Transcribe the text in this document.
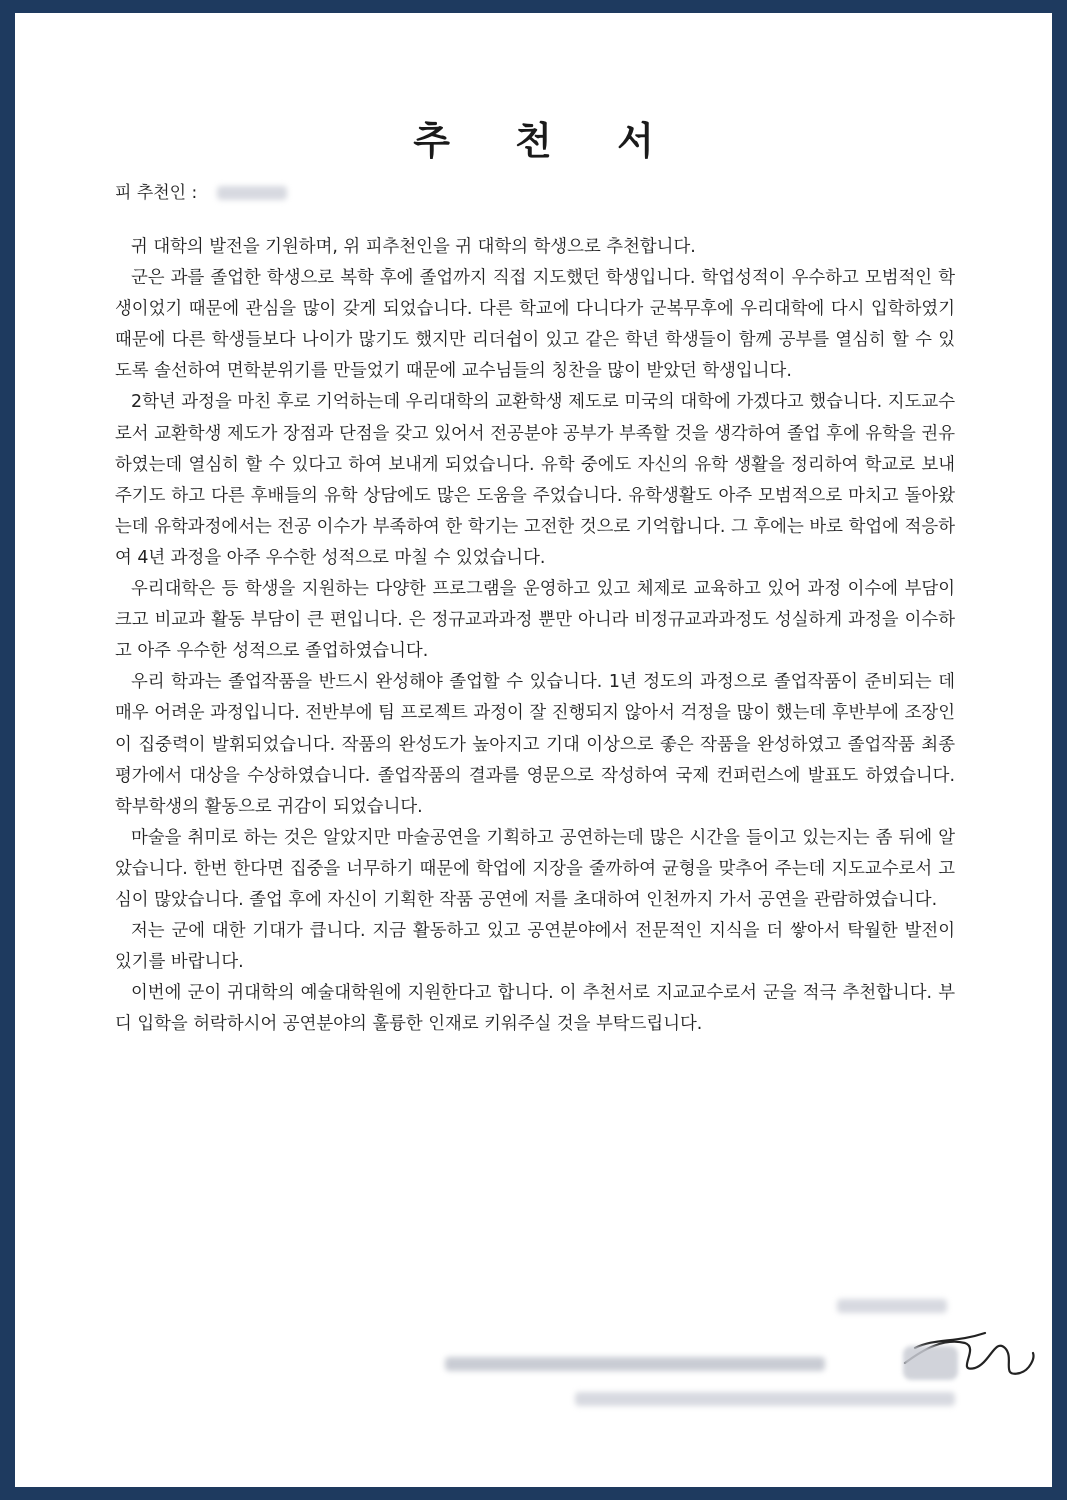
추 천 서
피 추천인 :

귀 대학의 발전을 기원하며, 위 피추천인을 귀 대학의 학생으로 추천합니다.

군은 과를 졸업한 학생으로 복학 후에 졸업까지 직접 지도했던 학생입니다. 학업성적이 우수하고 모범적인 학생이었기 때문에 관심을 많이 갖게 되었습니다. 다른 학교에 다니다가 군복무후에 우리대학에 다시 입학하였기 때문에 다른 학생들보다 나이가 많기도 했지만 리더쉽이 있고 같은 학년 학생들이 함께 공부를 열심히 할 수 있도록 솔선하여 면학분위기를 만들었기 때문에 교수님들의 칭찬을 많이 받았던 학생입니다.

2학년 과정을 마친 후로 기억하는데 우리대학의 교환학생 제도로 미국의 대학에 가겠다고 했습니다. 지도교수로서 교환학생 제도가 장점과 단점을 갖고 있어서 전공분야 공부가 부족할 것을 생각하여 졸업 후에 유학을 권유하였는데 열심히 할 수 있다고 하여 보내게 되었습니다. 유학 중에도 자신의 유학 생활을 정리하여 학교로 보내주기도 하고 다른 후배들의 유학 상담에도 많은 도움을 주었습니다. 유학생활도 아주 모범적으로 마치고 돌아왔는데 유학과정에서는 전공 이수가 부족하여 한 학기는 고전한 것으로 기억합니다. 그 후에는 바로 학업에 적응하여 4년 과정을 아주 우수한 성적으로 마칠 수 있었습니다.

우리대학은 등 학생을 지원하는 다양한 프로그램을 운영하고 있고 체제로 교육하고 있어 과정 이수에 부담이 크고 비교과 활동 부담이 큰 편입니다. 은 정규교과과정 뿐만 아니라 비정규교과과정도 성실하게 과정을 이수하고 아주 우수한 성적으로 졸업하였습니다.

우리 학과는 졸업작품을 반드시 완성해야 졸업할 수 있습니다. 1년 정도의 과정으로 졸업작품이 준비되는 데 매우 어려운 과정입니다. 전반부에 팀 프로젝트 과정이 잘 진행되지 않아서 걱정을 많이 했는데 후반부에 조장인 이 집중력이 발휘되었습니다. 작품의 완성도가 높아지고 기대 이상으로 좋은 작품을 완성하였고 졸업작품 최종 평가에서 대상을 수상하였습니다. 졸업작품의 결과를 영문으로 작성하여 국제 컨퍼런스에 발표도 하였습니다. 학부학생의 활동으로 귀감이 되었습니다.

마술을 취미로 하는 것은 알았지만 마술공연을 기획하고 공연하는데 많은 시간을 들이고 있는지는 좀 뒤에 알았습니다. 한번 한다면 집중을 너무하기 때문에 학업에 지장을 줄까하여 균형을 맞추어 주는데 지도교수로서 고심이 많았습니다. 졸업 후에 자신이 기획한 작품 공연에 저를 초대하여 인천까지 가서 공연을 관람하였습니다.

저는 군에 대한 기대가 큽니다. 지금 활동하고 있고 공연분야에서 전문적인 지식을 더 쌓아서 탁월한 발전이 있기를 바랍니다.

이번에 군이 귀대학의 예술대학원에 지원한다고 합니다. 이 추천서로 지교교수로서 군을 적극 추천합니다. 부디 입학을 허락하시어 공연분야의 훌륭한 인재로 키워주실 것을 부탁드립니다.
